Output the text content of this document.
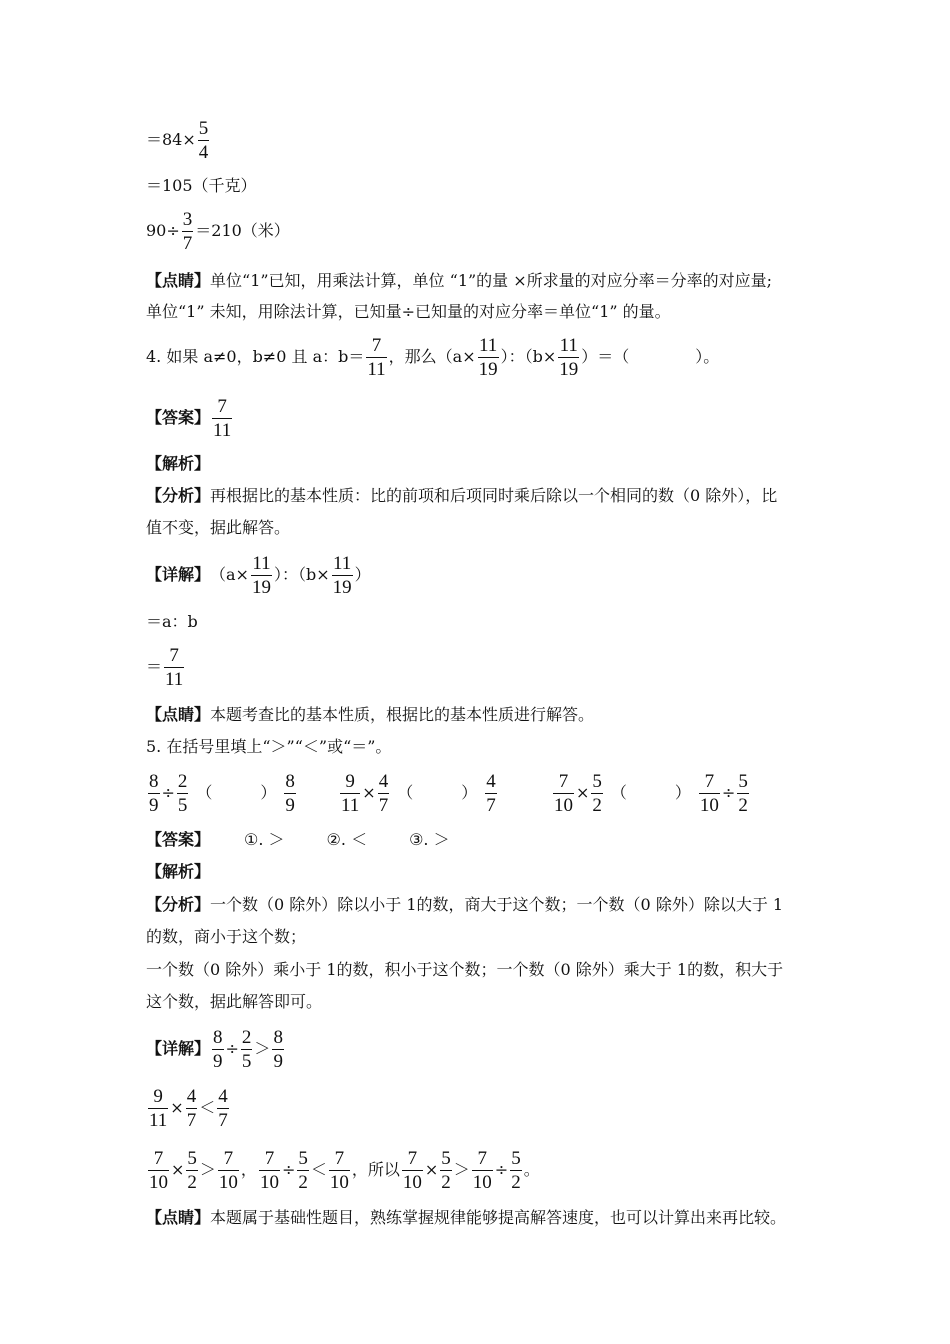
$=84\times \frac{5}{4}$
＝105（千克）
$90\div \frac{3}{7} =210$（米）
【点睛】 单位“1”已知，用乘法计算，单位 “1”的量 ×所求量的对应分率＝分率的对应量;
单位“1” 未知，用除法计算，已知量÷已知量的对应分率＝单位“1” 的量。
4. 如果 a≠0，b≠0 且 a：$b= \frac{7}{11}$ ，那么（$a\times \frac{11}{19}$ ）：（$b\times \frac{11}{19}$ ）＝（	）。
【答案】 $\frac{7}{11}$
【解析】
【分析】 再根据比的基本性质：比的前项和后项同时乘后除以一个相同的数（0 除外），比
值不变，据此解答。
【详解】 （$a\times \frac{11}{19}$ ）：（$b\times \frac{11}{19}$ ）
＝a：b
＝ $\frac{7}{11}$
【点睛】 本题考查比的基本性质，根据比的基本性质进行解答。
5. 在括号里填上“＞”“＜”或“＝”。
$\frac{8}{9} \div \frac{2}{5}$ （　　　） $\frac{8}{9} \frac{9}{11} \times \frac{4}{7}$ （　　　） $\frac{4}{7}$	$\frac{7}{10} \times \frac{5}{2}$ （　　　） $\frac{7}{10} \div \frac{5}{2}$
【答案】 ①. ＞	②. ＜	③. ＞
【解析】
【分析】 一个数（0 除外）除以小于 1的数，商大于这个数；一个数（0 除外）除以大于 1
的数，商小于这个数；
一个数（0 除外）乘小于 1的数，积小于这个数；一个数（0 除外）乘大于 1的数，积大于
这个数，据此解答即可。
【详解】 $\frac{8}{9} \div \frac{2}{5} > \frac{8}{9}$
$\frac{9}{11} \times \frac{4}{7} < \frac{4}{7}$
$\frac{7}{10} \times \frac{5}{2} > \frac{7}{10}$ ， $\frac{7}{10} \div \frac{5}{2} < \frac{7}{10}$ ，所以 $\frac{7}{10} \times \frac{5}{2} > \frac{7}{10} \div \frac{5}{2}$ 。
【点睛】 本题属于基础性题目，熟练掌握规律能够提高解答速度，也可以计算出来再比较。
